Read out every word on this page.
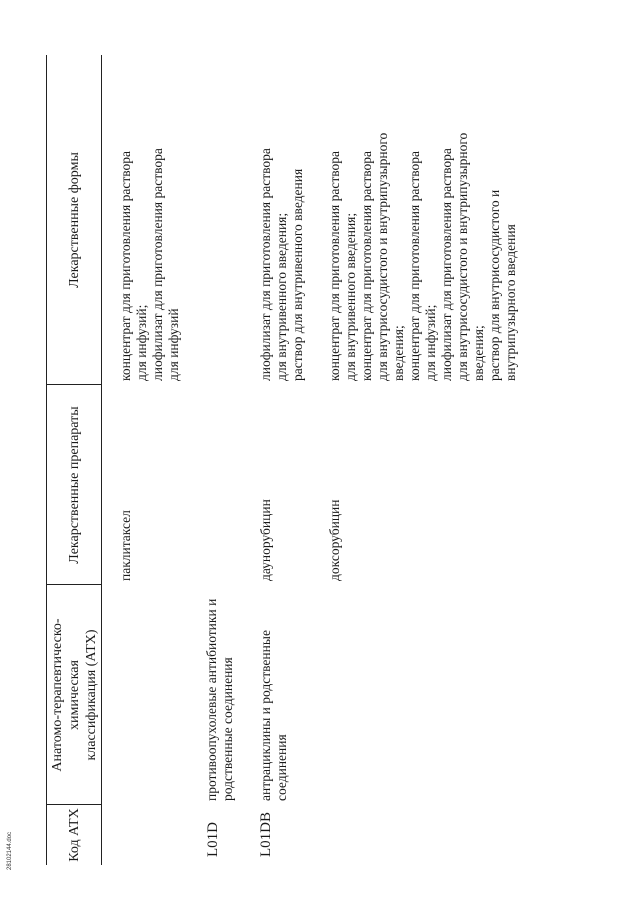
Код АТХ
Анатомо-терапевтическо-химическая
классификация (АТХ)
Лекарственные препараты
Лекарственные формы
паклитаксел
концентрат для приготовления раствора
для инфузий;
лиофилизат для приготовления раствора
для инфузий
L01D
противоопухолевые антибиотики и
родственные соединения
L01DB
антрациклины и родственные
соединения
даунорубицин
лиофилизат для приготовления раствора
для внутривенного введения;
раствор для внутривенного введения
доксорубицин
концентрат для приготовления раствора
для внутривенного введения;
концентрат для приготовления раствора
для внутрисосудистого и внутрипузырного
введения;
концентрат для приготовления раствора
для инфузий;
лиофилизат для приготовления раствора
для внутрисосудистого и внутрипузырного
введения;
раствор для внутрисосудистого и
внутрипузырного введения
28102144.doc
